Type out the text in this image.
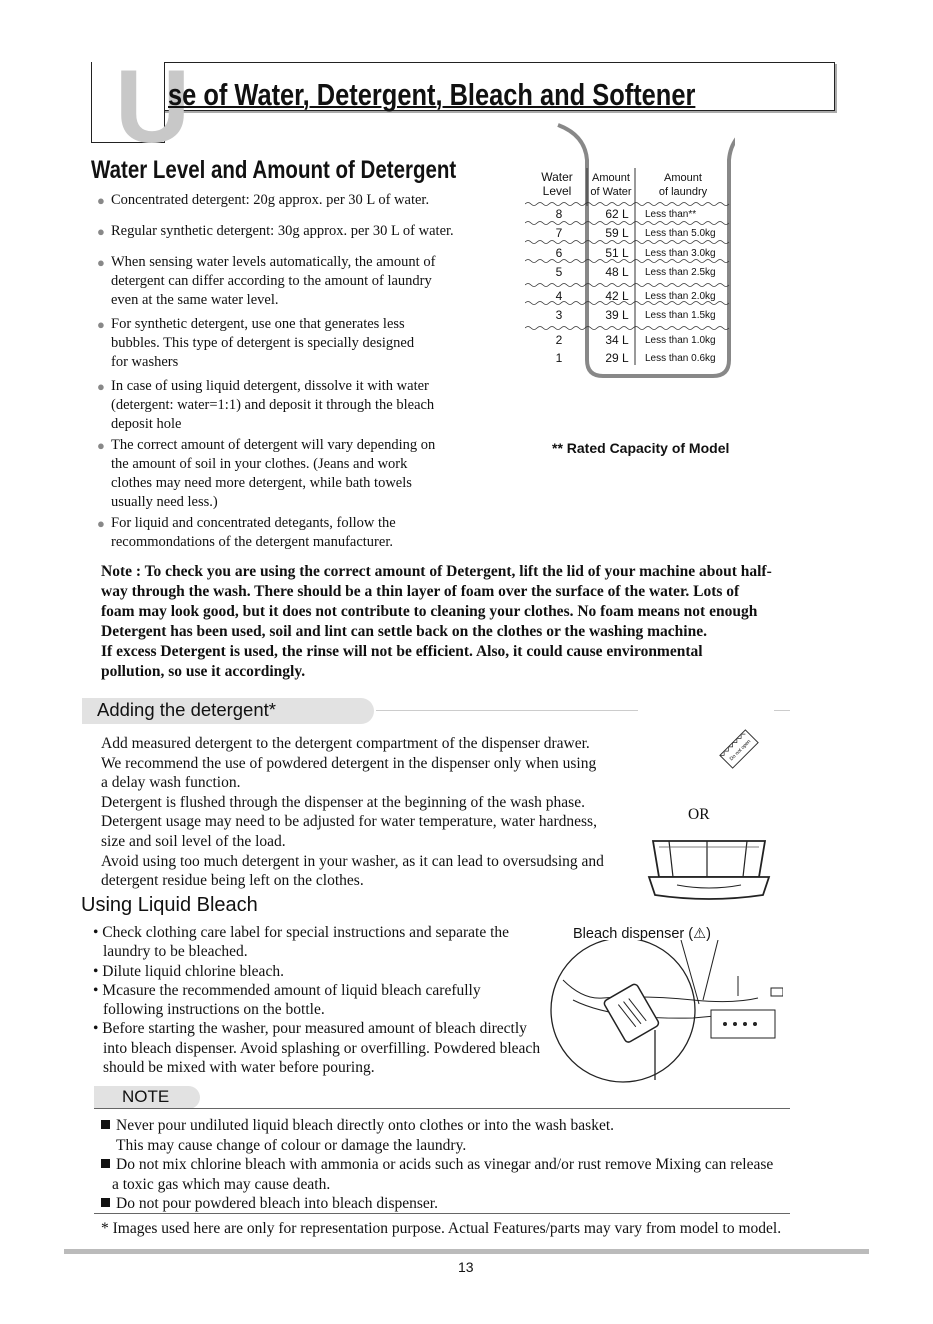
U
se of Water, Detergent, Bleach and Softener
Water Level and Amount of Detergent
● Concentrated detergent: 20g approx. per 30 L of water.
● Regular synthetic detergent: 30g approx. per 30 L of water.
● When sensing water levels automatically, the amount of detergent can differ according to the amount of laundry even at the same water level.
● For synthetic detergent, use one that generates less bubbles. This type of detergent is specially designed for washers
● In case of using liquid detergent, dissolve it with water (detergent: water=1:1) and deposit it through the bleach deposit hole
● The correct amount of detergent will vary depending on the amount of soil in your clothes. (Jeans and work clothes may need more detergent, while bath towels usually need less.)
● For liquid and concentrated detegants, follow the recommondations of the detergent manufacturer.
Water
Level
Amount
of Water
Amount
of laundry
8	62 L	Less than**
7	59 L	Less than 5.0kg
6	51 L	Less than 3.0kg
5	48 L	Less than 2.5kg
4	42 L	Less than 2.0kg
3	39 L	Less than 1.5kg
2	34 L	Less than 1.0kg
1	29 L	Less than 0.6kg
** Rated Capacity of Model
Note : To check you are using the correct amount of Detergent, lift the lid of your machine about half-
way through the wash. There should be a thin layer of foam over the surface of the water. Lots of
foam may look good, but it does not contribute to cleaning your clothes. No foam means not enough
Detergent has been used, soil and lint can settle back on the clothes or the washing machine.
If excess Detergent is used, the rinse will not be efficient. Also, it could cause environmental
pollution, so use it accordingly.
Adding the detergent*
Add measured detergent to the detergent compartment of the dispenser drawer.
We recommend the use of powdered detergent in the dispenser only when using
a delay wash function.
Detergent is flushed through the dispenser at the beginning of the wash phase.
Detergent usage may need to be adjusted for water temperature, water hardness,
size and soil level of the load.
Avoid using too much detergent in your washer, as it can lead to oversudsing and
detergent residue being left on the clothes.
Do not open
OR
Using Liquid Bleach
• Check clothing care label for special instructions and separate the laundry to be bleached.
• Dilute liquid chlorine bleach.
• Mcasure the recommended amount of liquid bleach carefully following instructions on the bottle.
• Before starting the washer, pour measured amount of bleach directly into bleach dispenser. Avoid splashing or overfilling. Powdered bleach should be mixed with water before pouring.
Bleach dispenser (⚠)
NOTE
Never pour undiluted liquid bleach directly onto clothes or into the wash basket.
This may cause change of colour or damage the laundry.
Do not mix chlorine bleach with ammonia or acids such as vinegar and/or rust remove Mixing can release
a toxic gas which may cause death.
Do not pour powdered bleach into bleach dispenser.
* Images used here are only for representation purpose. Actual Features/parts may vary from model to model.
13
